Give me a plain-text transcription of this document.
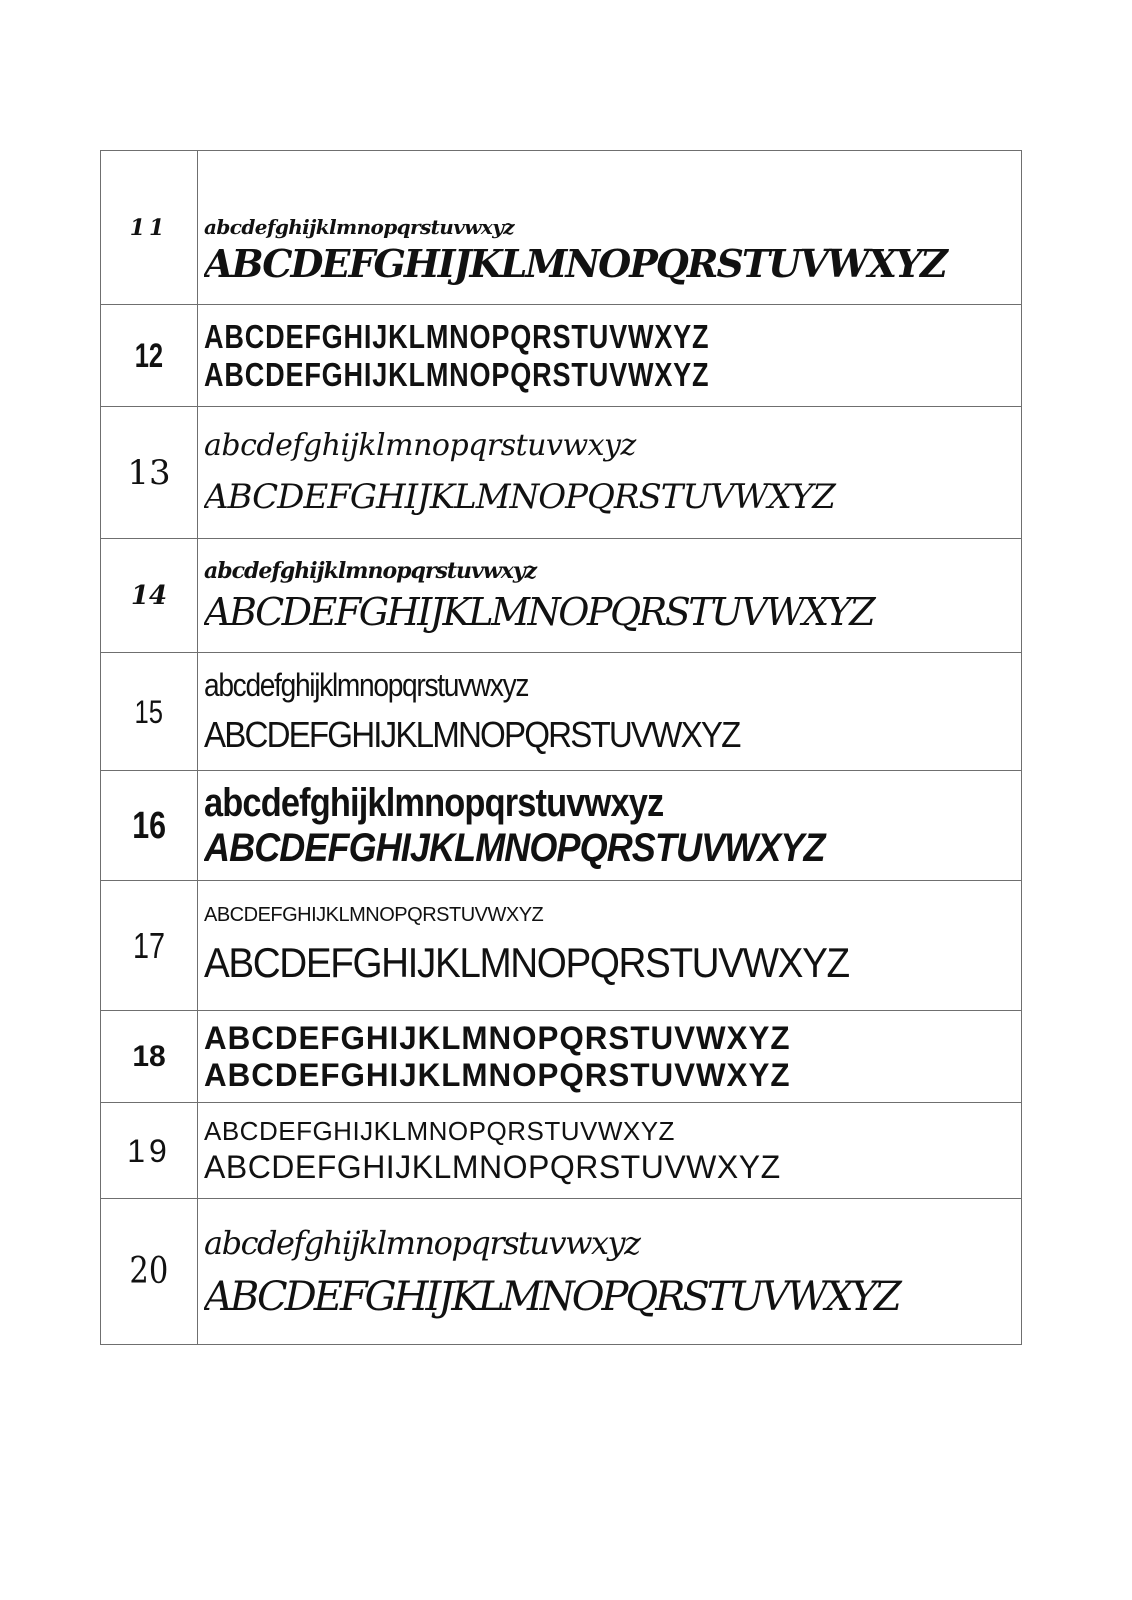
11	abcdefghijklmnopqrstuvwxyz
ABCDEFGHIJKLMNOPQRSTUVWXYZ

12	ABCDEFGHIJKLMNOPQRSTUVWXYZ
ABCDEFGHIJKLMNOPQRSTUVWXYZ

13	abcdefghijklmnopqrstuvwxyz
ABCDEFGHIJKLMNOPQRSTUVWXYZ

14	abcdefghijklmnopqrstuvwxyz
ABCDEFGHIJKLMNOPQRSTUVWXYZ

15	abcdefghijklmnopqrstuvwxyz
ABCDEFGHIJKLMNOPQRSTUVWXYZ

16	abcdefghijklmnopqrstuvwxyz
ABCDEFGHIJKLMNOPQRSTUVWXYZ

17	ABCDEFGHIJKLMNOPQRSTUVWXYZ
ABCDEFGHIJKLMNOPQRSTUVWXYZ

18	ABCDEFGHIJKLMNOPQRSTUVWXYZ
ABCDEFGHIJKLMNOPQRSTUVWXYZ

19	ABCDEFGHIJKLMNOPQRSTUVWXYZ
ABCDEFGHIJKLMNOPQRSTUVWXYZ

20	abcdefghijklmnopqrstuvwxyz
ABCDEFGHIJKLMNOPQRSTUVWXYZ
